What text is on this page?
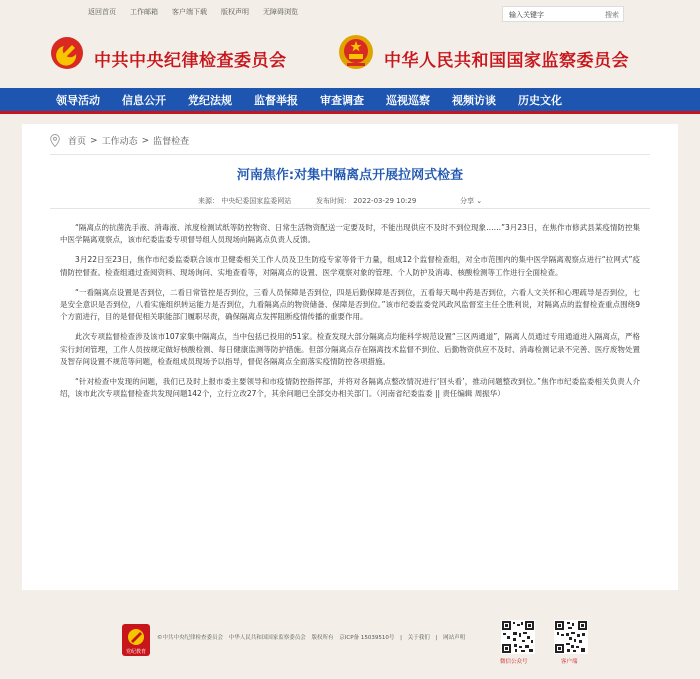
返回首页 工作邮箱 客户端下载 版权声明 无障碍浏览	输入关键字	搜索
中共中央纪律检查委员会	中华人民共和国国家监察委员会
领导活动 信息公开 党纪法规 监督举报 审查调查 巡视巡察 视频访谈 历史文化
首页 > 工作动态 > 监督检查
河南焦作:对集中隔离点开展拉网式检查
来源： 中央纪委国家监委网站	发布时间： 2022-03-29 10:29	分享 ⌄

“隔离点的抗菌洗手液、消毒液、浓度检测试纸等防控物资、日常生活物资配送一定要及时，不能出现供应不及时不到位现象……”3月23日，在焦作市修武县某疫情防控集中医学隔离观察点，该市纪委监委专项督导组人员现场向隔离点负责人反馈。

3月22日至23日，焦作市纪委监委联合该市卫健委相关工作人员及卫生防疫专家等骨干力量，组成12个监督检查组，对全市范围内的集中医学隔离观察点进行“拉网式”疫情防控督查。检查组通过查阅资料、现场询问、实地查看等，对隔离点的设置、医学观察对象的管理、个人防护及消毒、核酸检测等工作进行全面检查。

“一看隔离点设置是否到位，二看日常管控是否到位，三看人员保障是否到位，四是后勤保障是否到位，五看每天喝中药是否到位，六看人文关怀和心理疏导是否到位，七是安全意识是否到位，八看实施组织转运能力是否到位，九看隔离点的物资储备、保障是否到位。”该市纪委监委党风政风监督室主任仝胜利说，对隔离点的监督检查重点围绕9个方面进行，目的是督促相关职能部门履职尽责，确保隔离点发挥阻断疫情传播的重要作用。

此次专项监督检查涉及该市107家集中隔离点，当中包括已投用的51家。检查发现大部分隔离点均能科学规范设置“三区两通道”，隔离人员通过专用通道进入隔离点，严格实行封闭管理，工作人员按规定做好核酸检测、每日健康监测等防护措施。但部分隔离点存在隔离技术监督不到位、后勤物资供应不及时、消毒检测记录不完善、医疗废物处置及智存间设置不规范等问题，检查组成员现场予以指导，督促各隔离点全面落实疫情防控各项措施。

“针对检查中发现的问题，我们已及时上报市委主要领导和市疫情防控指挥部，并将对各隔离点整改情况进行‘回头看’，推动问题整改到位。”焦作市纪委监委相关负责人介绍，该市此次专项监督检查共发现问题142个，立行立改27个，其余问题已全部交办相关部门。（河南省纪委监委 || 责任编辑 周振华）

党纪教育
©中共中央纪律检查委员会 中华人民共和国国家监察委员会 版权所有 京ICP备 15039510号 | 关于我们 | 网站声明
微信公众号	客户端
